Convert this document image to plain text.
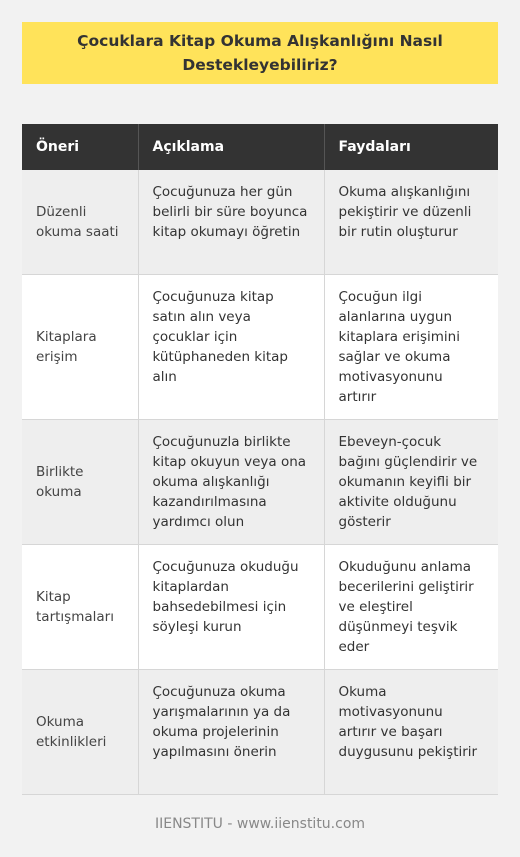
Çocuklara Kitap Okuma Alışkanlığını Nasıl Destekleyebiliriz?
Öneri	Açıklama	Faydaları
Düzenli okuma saati	Çocuğunuza her gün belirli bir süre boyunca kitap okumayı öğretin	Okuma alışkanlığını pekiştirir ve düzenli bir rutin oluşturur
Kitaplara erişim	Çocuğunuza kitap satın alın veya çocuklar için kütüphaneden kitap alın	Çocuğun ilgi alanlarına uygun kitaplara erişimini sağlar ve okuma motivasyonunu artırır
Birlikte okuma	Çocuğunuzla birlikte kitap okuyun veya ona okuma alışkanlığı kazandırılmasına yardımcı olun	Ebeveyn-çocuk bağını güçlendirir ve okumanın keyifli bir aktivite olduğunu gösterir
Kitap tartışmaları	Çocuğunuza okuduğu kitaplardan bahsedebilmesi için söyleşi kurun	Okuduğunu anlama becerilerini geliştirir ve eleştirel düşünmeyi teşvik eder
Okuma etkinlikleri	Çocuğunuza okuma yarışmalarının ya da okuma projelerinin yapılmasını önerin	Okuma motivasyonunu artırır ve başarı duygusunu pekiştirir
IIENSTITU - www.iienstitu.com
